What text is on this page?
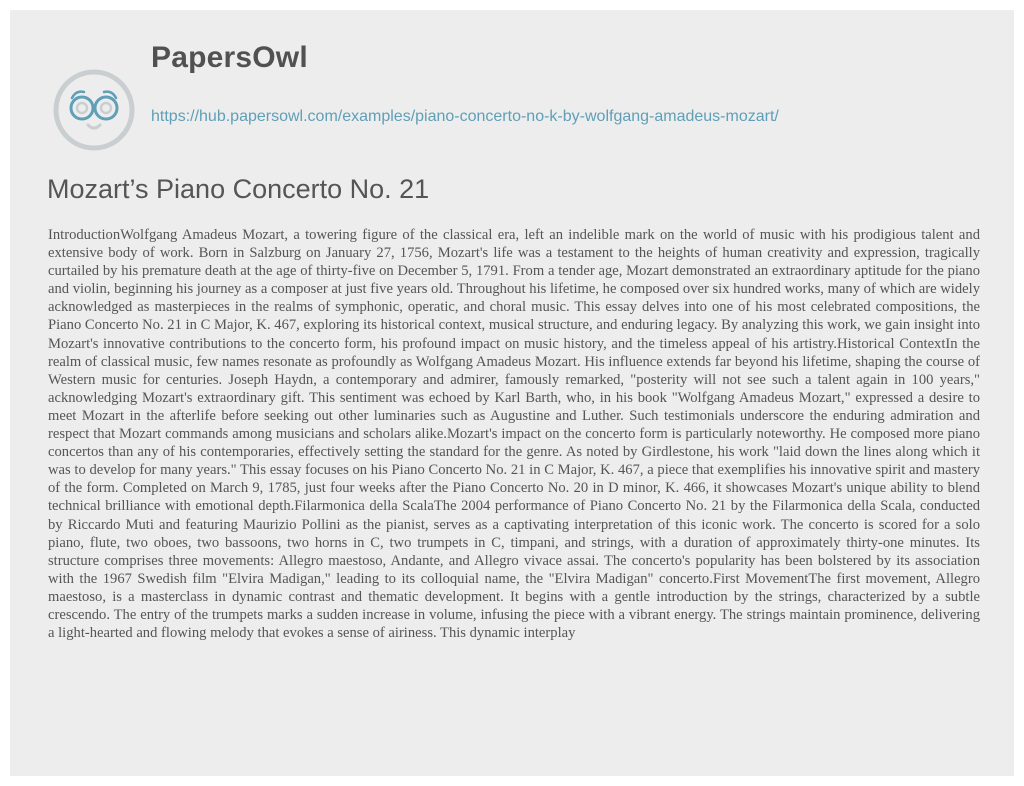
PapersOwl
https://hub.papersowl.com/examples/piano-concerto-no-k-by-wolfgang-amadeus-mozart/
Mozart’s Piano Concerto No. 21

IntroductionWolfgang Amadeus Mozart, a towering figure of the classical era, left an indelible mark on the world of music with his prodigious talent and extensive body of work. Born in Salzburg on January 27, 1756, Mozart's life was a testament to the heights of human creativity and expression, tragically curtailed by his premature death at the age of thirty-five on December 5, 1791. From a tender age, Mozart demonstrated an extraordinary aptitude for the piano and violin, beginning his journey as a composer at just five years old. Throughout his lifetime, he composed over six hundred works, many of which are widely acknowledged as masterpieces in the realms of symphonic, operatic, and choral music. This essay delves into one of his most celebrated compositions, the Piano Concerto No. 21 in C Major, K. 467, exploring its historical context, musical structure, and enduring legacy. By analyzing this work, we gain insight into Mozart's innovative contributions to the concerto form, his profound impact on music history, and the timeless appeal of his artistry.Historical ContextIn the realm of classical music, few names resonate as profoundly as Wolfgang Amadeus Mozart. His influence extends far beyond his lifetime, shaping the course of Western music for centuries. Joseph Haydn, a contemporary and admirer, famously remarked, "posterity will not see such a talent again in 100 years," acknowledging Mozart's extraordinary gift. This sentiment was echoed by Karl Barth, who, in his book "Wolfgang Amadeus Mozart," expressed a desire to meet Mozart in the afterlife before seeking out other luminaries such as Augustine and Luther. Such testimonials underscore the enduring admiration and respect that Mozart commands among musicians and scholars alike.Mozart's impact on the concerto form is particularly noteworthy. He composed more piano concertos than any of his contemporaries, effectively setting the standard for the genre. As noted by Girdlestone, his work "laid down the lines along which it was to develop for many years." This essay focuses on his Piano Concerto No. 21 in C Major, K. 467, a piece that exemplifies his innovative spirit and mastery of the form. Completed on March 9, 1785, just four weeks after the Piano Concerto No. 20 in D minor, K. 466, it showcases Mozart's unique ability to blend technical brilliance with emotional depth.Filarmonica della ScalaThe 2004 performance of Piano Concerto No. 21 by the Filarmonica della Scala, conducted by Riccardo Muti and featuring Maurizio Pollini as the pianist, serves as a captivating interpretation of this iconic work. The concerto is scored for a solo piano, flute, two oboes, two bassoons, two horns in C, two trumpets in C, timpani, and strings, with a duration of approximately thirty-one minutes. Its structure comprises three movements: Allegro maestoso, Andante, and Allegro vivace assai. The concerto's popularity has been bolstered by its association with the 1967 Swedish film "Elvira Madigan," leading to its colloquial name, the "Elvira Madigan" concerto.First MovementThe first movement, Allegro maestoso, is a masterclass in dynamic contrast and thematic development. It begins with a gentle introduction by the strings, characterized by a subtle crescendo. The entry of the trumpets marks a sudden increase in volume, infusing the piece with a vibrant energy. The strings maintain prominence, delivering a light-hearted and flowing melody that evokes a sense of airiness. This dynamic interplay
